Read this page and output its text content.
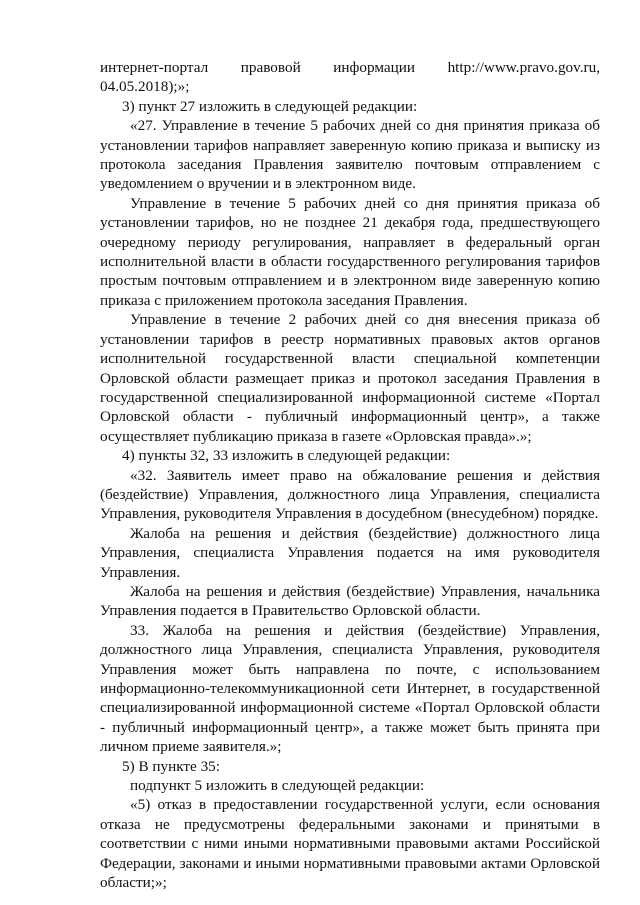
интернет-портал правовой информации http://www.pravo.gov.ru, 04.05.2018);»;

3) пункт 27 изложить в следующей редакции:

«27. Управление в течение 5 рабочих дней со дня принятия приказа об установлении тарифов направляет заверенную копию приказа и выписку из протокола заседания Правления заявителю почтовым отправлением с уведомлением о вручении и в электронном виде.

Управление в течение 5 рабочих дней со дня принятия приказа об установлении тарифов, но не позднее 21 декабря года, предшествующего очередному периоду регулирования, направляет в федеральный орган исполнительной власти в области государственного регулирования тарифов простым почтовым отправлением и в электронном виде заверенную копию приказа с приложением протокола заседания Правления.

Управление в течение 2 рабочих дней со дня внесения приказа об установлении тарифов в реестр нормативных правовых актов органов исполнительной государственной власти специальной компетенции Орловской области размещает приказ и протокол заседания Правления в государственной специализированной информационной системе «Портал Орловской области - публичный информационный центр», а также осуществляет публикацию приказа в газете «Орловская правда».»;

4) пункты 32, 33 изложить в следующей редакции:

«32. Заявитель имеет право на обжалование решения и действия (бездействие) Управления, должностного лица Управления, специалиста Управления, руководителя Управления в досудебном (внесудебном) порядке.

Жалоба на решения и действия (бездействие) должностного лица Управления, специалиста Управления подается на имя руководителя Управления.

Жалоба на решения и действия (бездействие) Управления, начальника Управления подается в Правительство Орловской области.

33. Жалоба на решения и действия (бездействие) Управления, должностного лица Управления, специалиста Управления, руководителя Управления может быть направлена по почте, с использованием информационно-телекоммуникационной сети Интернет, в государственной специализированной информационной системе «Портал Орловской области - публичный информационный центр», а также может быть принята при личном приеме заявителя.»;

5) В пункте 35:

подпункт 5 изложить в следующей редакции:

«5) отказ в предоставлении государственной услуги, если основания отказа не предусмотрены федеральными законами и принятыми в соответствии с ними иными нормативными правовыми актами Российской Федерации, законами и иными нормативными правовыми актами Орловской области;»;
